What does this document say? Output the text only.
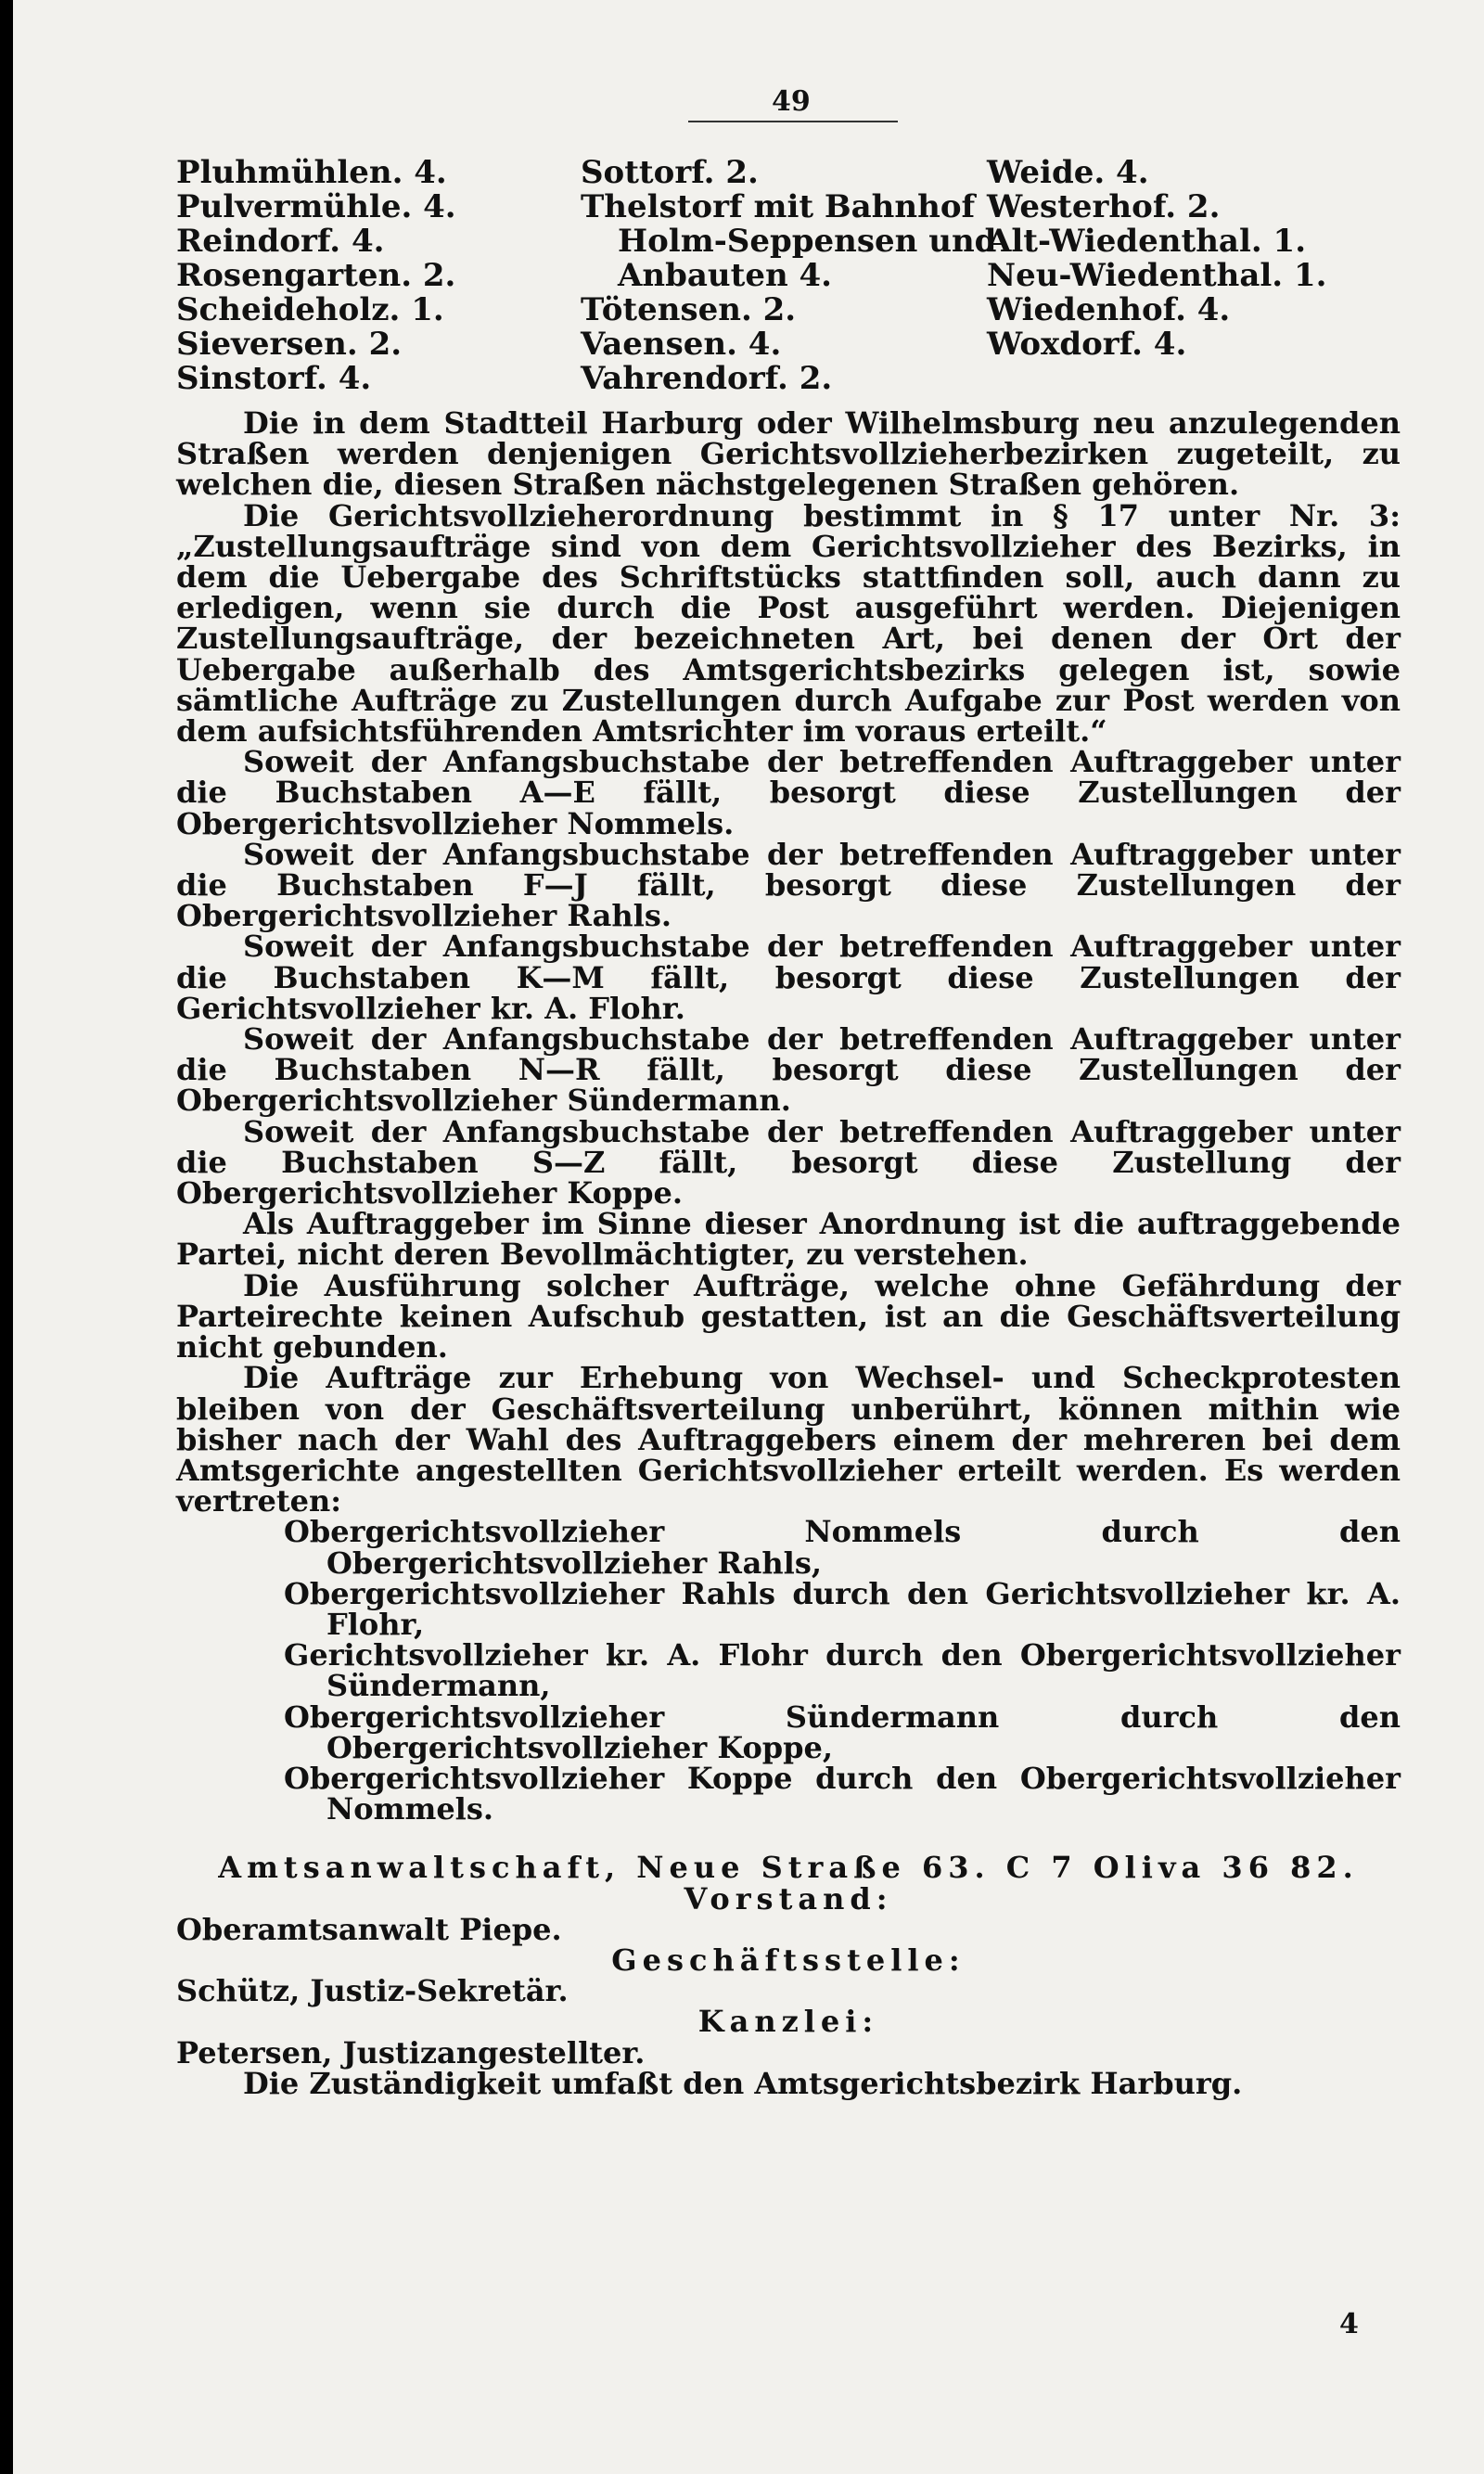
49
Pluhmühlen. 4.
Pulvermühle. 4.
Reindorf. 4.
Rosengarten. 2.
Scheideholz. 1.
Sieversen. 2.
Sinstorf. 4.
Sottorf. 2.
Thelstorf mit Bahnhof
Holm-Seppensen und
Anbauten 4.
Tötensen. 2.
Vaensen. 4.
Vahrendorf. 2.
Weide. 4.
Westerhof. 2.
Alt-Wiedenthal. 1.
Neu-Wiedenthal. 1.
Wiedenhof. 4.
Woxdorf. 4.

Die in dem Stadtteil Harburg oder Wilhelmsburg neu anzulegenden Straßen werden denjenigen Gerichtsvollzieherbezirken zugeteilt, zu welchen die, diesen Straßen nächstgelegenen Straßen gehören.

Die Gerichtsvollzieherordnung bestimmt in § 17 unter Nr. 3: „Zustellungsaufträge sind von dem Gerichtsvollzieher des Bezirks, in dem die Uebergabe des Schriftstücks stattfinden soll, auch dann zu erledigen, wenn sie durch die Post ausgeführt werden. Diejenigen Zustellungsaufträge, der bezeichneten Art, bei denen der Ort der Uebergabe außerhalb des Amtsgerichtsbezirks gelegen ist, sowie sämtliche Aufträge zu Zustellungen durch Aufgabe zur Post werden von dem aufsichtsführenden Amtsrichter im voraus erteilt.“

Soweit der Anfangsbuchstabe der betreffenden Auftraggeber unter die Buchstaben A—E fällt, besorgt diese Zustellungen der Obergerichtsvollzieher Nommels.

Soweit der Anfangsbuchstabe der betreffenden Auftraggeber unter die Buchstaben F—J fällt, besorgt diese Zustellungen der Obergerichtsvollzieher Rahls.

Soweit der Anfangsbuchstabe der betreffenden Auftraggeber unter die Buchstaben K—M fällt, besorgt diese Zustellungen der Gerichtsvollzieher kr. A. Flohr.

Soweit der Anfangsbuchstabe der betreffenden Auftraggeber unter die Buchstaben N—R fällt, besorgt diese Zustellungen der Obergerichtsvollzieher Sündermann.

Soweit der Anfangsbuchstabe der betreffenden Auftraggeber unter die Buchstaben S—Z fällt, besorgt diese Zustellung der Obergerichtsvollzieher Koppe.

Als Auftraggeber im Sinne dieser Anordnung ist die auftraggebende Partei, nicht deren Bevollmächtigter, zu verstehen.

Die Ausführung solcher Aufträge, welche ohne Gefährdung der Parteirechte keinen Aufschub gestatten, ist an die Geschäftsverteilung nicht gebunden.

Die Aufträge zur Erhebung von Wechsel- und Scheckprotesten bleiben von der Geschäftsverteilung unberührt, können mithin wie bisher nach der Wahl des Auftraggebers einem der mehreren bei dem Amtsgerichte angestellten Gerichtsvollzieher erteilt werden. Es werden vertreten:

Obergerichtsvollzieher Nommels durch den Obergerichtsvollzieher Rahls,

Obergerichtsvollzieher Rahls durch den Gerichtsvollzieher kr. A. Flohr,

Gerichtsvollzieher kr. A. Flohr durch den Obergerichtsvollzieher Sündermann,

Obergerichtsvollzieher Sündermann durch den Obergerichtsvollzieher Koppe,

Obergerichtsvollzieher Koppe durch den Obergerichtsvollzieher Nommels.

Amtsanwaltschaft, Neue Straße 63. C 7 Oliva 36 82.

Vorstand:

Oberamtsanwalt Piepe.

Geschäftsstelle:

Schütz, Justiz-Sekretär.

Kanzlei:

Petersen, Justizangestellter.

Die Zuständigkeit umfaßt den Amtsgerichtsbezirk Harburg.

4
